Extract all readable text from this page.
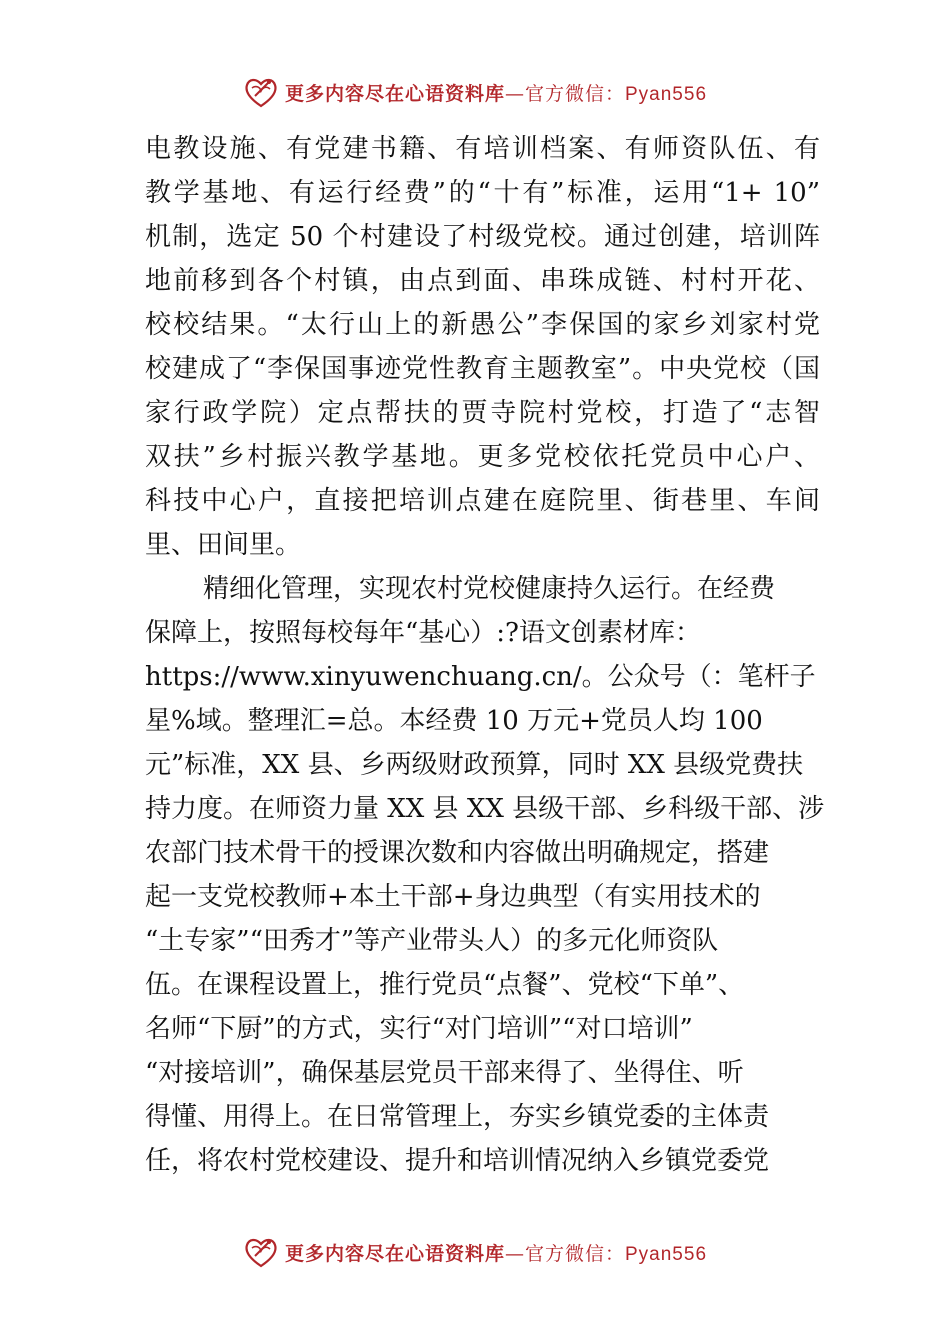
更多内容尽在心语资料库—官方微信：Pyan556
电教设施、有党建书籍、有培训档案、有师资队伍、有
教学基地、有运行经费”的“十有”标准，运用“1+ 10”
机制，选定 50 个村建设了村级党校。通过创建，培训阵
地前移到各个村镇，由点到面、串珠成链、村村开花、
校校结果。“太行山上的新愚公”李保国的家乡刘家村党
校建成了“李保国事迹党性教育主题教室”。中央党校（国
家行政学院）定点帮扶的贾寺院村党校，打造了“志智
双扶”乡村振兴教学基地。更多党校依托党员中心户、
科技中心户，直接把培训点建在庭院里、街巷里、车间
里、田间里。
精细化管理，实现农村党校健康持久运行。在经费
保障上，按照每校每年“基心）:?语文创素材库：
https://www.xinyuwenchuang.cn/。公众号（：笔杆子
星%域。整理汇=总。本经费 10 万元+党员人均 100
元”标准，XX 县、乡两级财政预算，同时 XX 县级党费扶
持力度。在师资力量 XX 县 XX 县级干部、乡科级干部、涉
农部门技术骨干的授课次数和内容做出明确规定，搭建
起一支党校教师+本土干部+身边典型（有实用技术的
“土专家”“田秀才”等产业带头人）的多元化师资队
伍。在课程设置上，推行党员“点餐”、党校“下单”、
名师“下厨”的方式，实行“对门培训”“对口培训”
“对接培训”，确保基层党员干部来得了、坐得住、听
得懂、用得上。在日常管理上，夯实乡镇党委的主体责
任，将农村党校建设、提升和培训情况纳入乡镇党委党
更多内容尽在心语资料库—官方微信：Pyan556
